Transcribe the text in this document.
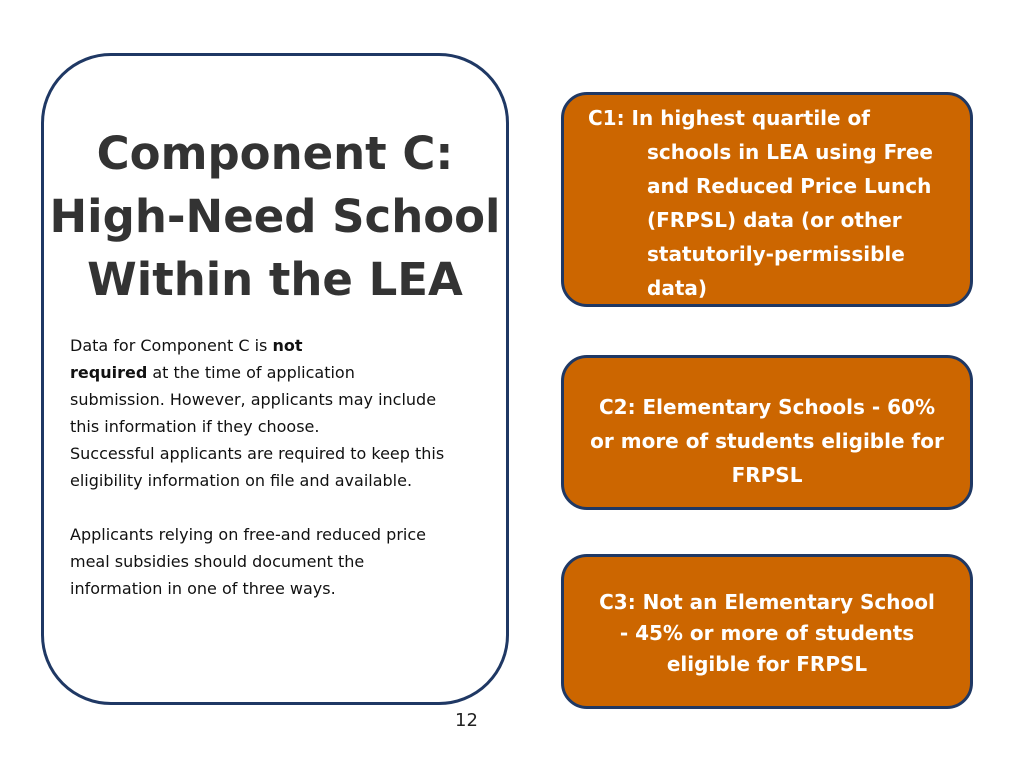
Component C:
High-Need School
Within the LEA

Data for Component C is not

required at the time of application

submission. However, applicants may include

this information if they choose.

Successful applicants are required to keep this

eligibility information on file and available.

Applicants relying on free-and reduced price

meal subsidies should document the

information in one of three ways.

C1: In highest quartile of
schools in LEA using Free
and Reduced Price Lunch
(FRPSL) data (or other
statutorily-permissible
data)
C2: Elementary Schools - 60%
or more of students eligible for
FRPSL
C3: Not an Elementary School
- 45% or more of students
eligible for FRPSL
12
